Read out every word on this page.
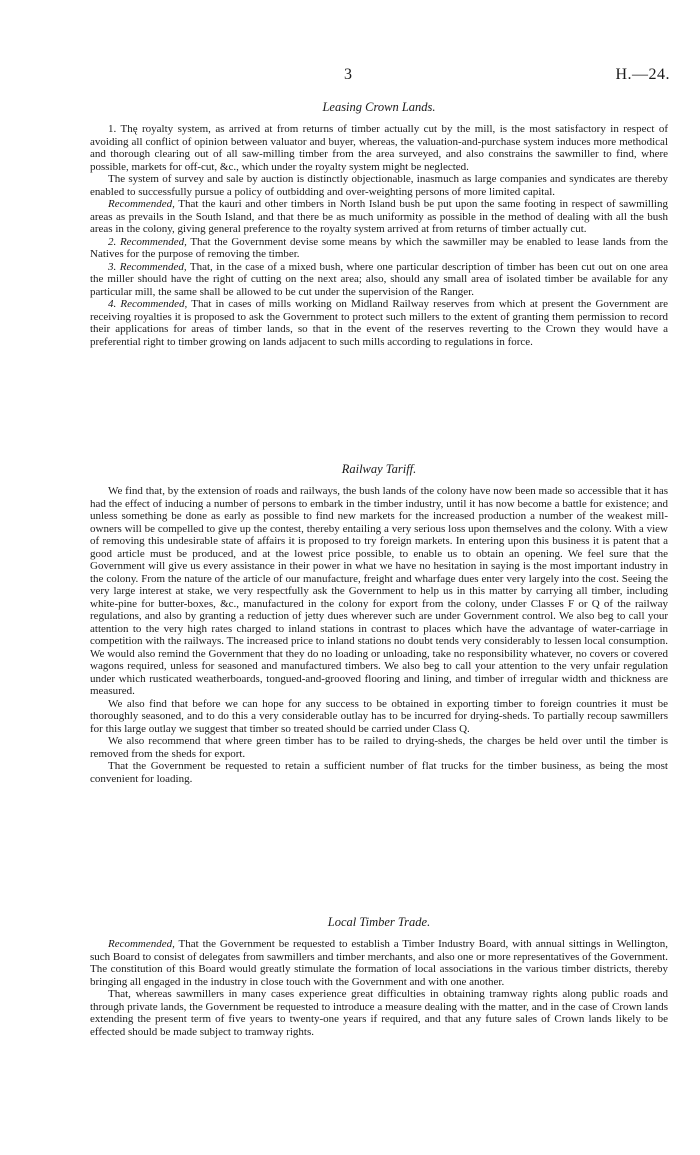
3	H.—24.
Leasing Crown Lands.

1. Thę royalty system, as arrived at from returns of timber actually cut by the mill, is the most satisfactory in respect of avoiding all conflict of opinion between valuator and buyer, whereas, the valuation-and-purchase system induces more methodical and thorough clearing out of all saw-milling timber from the area surveyed, and also constrains the sawmiller to find, where possible, markets for off-cut, &c., which under the royalty system might be neglected.

The system of survey and sale by auction is distinctly objectionable, inasmuch as large companies and syndicates are thereby enabled to successfully pursue a policy of outbidding and over-weighting persons of more limited capital.

Recommended, That the kauri and other timbers in North Island bush be put upon the same footing in respect of sawmilling areas as prevails in the South Island, and that there be as much uniformity as possible in the method of dealing with all the bush areas in the colony, giving general preference to the royalty system arrived at from returns of timber actually cut.

2. Recommended, That the Government devise some means by which the sawmiller may be enabled to lease lands from the Natives for the purpose of removing the timber.

3. Recommended, That, in the case of a mixed bush, where one particular description of timber has been cut out on one area the miller should have the right of cutting on the next area; also, should any small area of isolated timber be available for any particular mill, the same shall be allowed to be cut under the supervision of the Ranger.

4. Recommended, That in cases of mills working on Midland Railway reserves from which at present the Government are receiving royalties it is proposed to ask the Government to protect such millers to the extent of granting them permission to record their applications for areas of timber lands, so that in the event of the reserves reverting to the Crown they would have a preferential right to timber growing on lands adjacent to such mills according to regulations in force.

Railway Tariff.

We find that, by the extension of roads and railways, the bush lands of the colony have now been made so accessible that it has had the effect of inducing a number of persons to embark in the timber industry, until it has now become a battle for existence; and unless something be done as early as possible to find new markets for the increased production a number of the weakest mill-owners will be compelled to give up the contest, thereby entailing a very serious loss upon themselves and the colony. With a view of removing this undesirable state of affairs it is proposed to try foreign markets. In entering upon this business it is patent that a good article must be produced, and at the lowest price possible, to enable us to obtain an opening. We feel sure that the Government will give us every assistance in their power in what we have no hesitation in saying is the most important industry in the colony. From the nature of the article of our manufacture, freight and wharfage dues enter very largely into the cost. Seeing the very large interest at stake, we very respectfully ask the Government to help us in this matter by carrying all timber, including white-pine for butter-boxes, &c., manufactured in the colony for export from the colony, under Classes F or Q of the railway regulations, and also by granting a reduction of jetty dues wherever such are under Government control. We also beg to call your attention to the very high rates charged to inland stations in contrast to places which have the advantage of water-carriage in competition with the railways. The increased price to inland stations no doubt tends very considerably to lessen local consumption. We would also remind the Government that they do no loading or unloading, take no responsibility whatever, no covers or covered wagons required, unless for seasoned and manufactured timbers. We also beg to call your attention to the very unfair regulation under which rusticated weatherboards, tongued-and-grooved flooring and lining, and timber of irregular width and thickness are measured.

We also find that before we can hope for any success to be obtained in exporting timber to foreign countries it must be thoroughly seasoned, and to do this a very considerable outlay has to be incurred for drying-sheds. To partially recoup sawmillers for this large outlay we suggest that timber so treated should be carried under Class Q.

We also recommend that where green timber has to be railed to drying-sheds, the charges be held over until the timber is removed from the sheds for export.

That the Government be requested to retain a sufficient number of flat trucks for the timber business, as being the most convenient for loading.

Local Timber Trade.

Recommended, That the Government be requested to establish a Timber Industry Board, with annual sittings in Wellington, such Board to consist of delegates from sawmillers and timber merchants, and also one or more representatives of the Government. The constitution of this Board would greatly stimulate the formation of local associations in the various timber districts, thereby bringing all engaged in the industry in close touch with the Government and with one another.

That, whereas sawmillers in many cases experience great difficulties in obtaining tramway rights along public roads and through private lands, the Government be requested to introduce a measure dealing with the matter, and in the case of Crown lands extending the present term of five years to twenty-one years if required, and that any future sales of Crown lands likely to be effected should be made subject to tramway rights.
